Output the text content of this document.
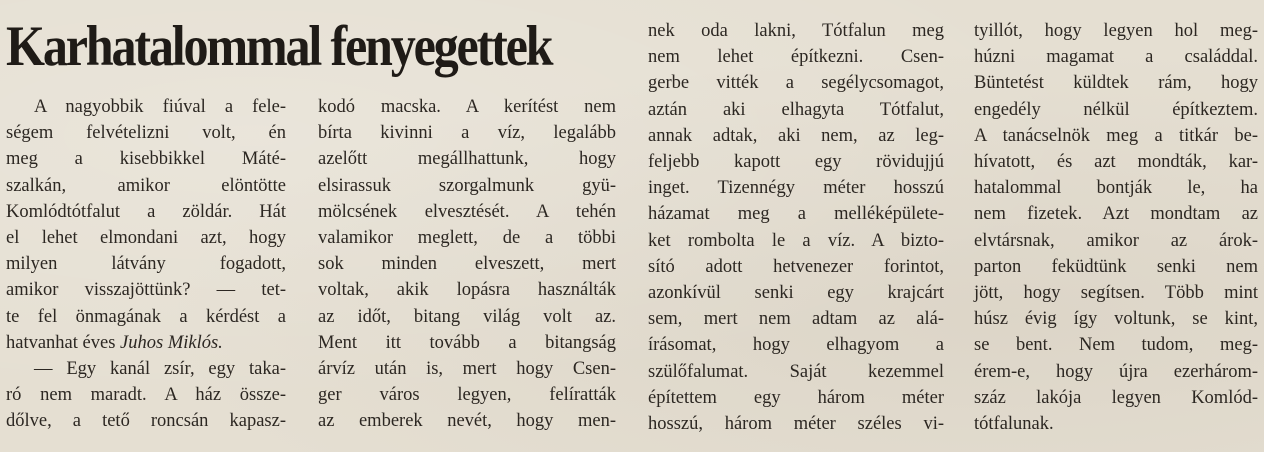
Karhatalommal fenyegettek

A nagyobbik fiúval a fele-

ségem felvételizni volt, én

meg a kisebbikkel Máté-

szalkán, amikor elöntötte

Komlódtótfalut a zöldár. Hát

el lehet elmondani azt, hogy

milyen látvány fogadott,

amikor visszajöttünk? — tet-

te fel önmagának a kérdést a

hatvanhat éves Juhos Miklós.

— Egy kanál zsír, egy taka-

ró nem maradt. A ház össze-

dőlve, a tető roncsán kapasz-

kodó macska. A kerítést nem

bírta kivinni a víz, legalább

azelőtt megállhattunk, hogy

elsirassuk szorgalmunk gyü-

mölcsének elvesztését. A tehén

valamikor meglett, de a többi

sok minden elveszett, mert

voltak, akik lopásra használták

az időt, bitang világ volt az.

Ment itt tovább a bitangság

árvíz után is, mert hogy Csen-

ger város legyen, felíratták

az emberek nevét, hogy men-

nek oda lakni, Tótfalun meg

nem lehet építkezni. Csen-

gerbe vitték a segélycsomagot,

aztán aki elhagyta Tótfalut,

annak adtak, aki nem, az leg-

feljebb kapott egy rövidujjú

inget. Tizennégy méter hosszú

házamat meg a melléképülete-

ket rombolta le a víz. A bizto-

sító adott hetvenezer forintot,

azonkívül senki egy krajcárt

sem, mert nem adtam az alá-

írásomat, hogy elhagyom a

szülőfalumat. Saját kezemmel

építettem egy három méter

hosszú, három méter széles vi-

tyillót, hogy legyen hol meg-

húzni magamat a családdal.

Büntetést küldtek rám, hogy

engedély nélkül építkeztem.

A tanácselnök meg a titkár be-

hívatott, és azt mondták, kar-

hatalommal bontják le, ha

nem fizetek. Azt mondtam az

elvtársnak, amikor az árok-

parton feküdtünk senki nem

jött, hogy segítsen. Több mint

húsz évig így voltunk, se kint,

se bent. Nem tudom, meg-

érem-e, hogy újra ezerhárom-

száz lakója legyen Komlód-

tótfalunak.
